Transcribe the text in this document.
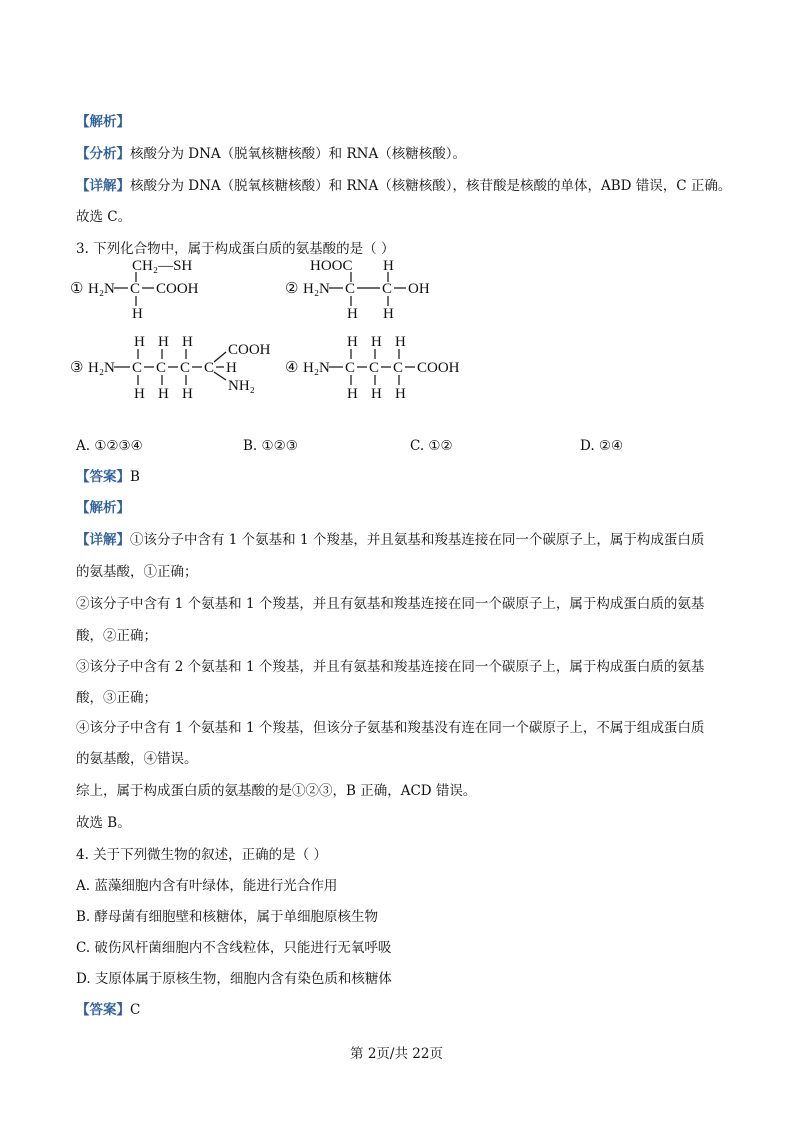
【解析】
【分析】核酸分为 DNA（脱氧核糖核酸）和 RNA（核糖核酸）。
【详解】核酸分为 DNA（脱氧核糖核酸）和 RNA（核糖核酸），核苷酸是核酸的单体，ABD 错误，C 正确。
故选 C。
3. 下列化合物中，属于构成蛋白质的氨基酸的是（ ）
① H₂N C COOH
CH₂—SH
H
② H₂N C C OH
HOOC H
H H
③ H₂N C C C C H
H H H
H H H
COOH
NH₂
④ H₂N C C C COOH
H H H
H H H
A. ①②③④	B. ①②③	C. ①②	D. ②④
【答案】B
【解析】
【详解】①该分子中含有 1 个氨基和 1 个羧基，并且氨基和羧基连接在同一个碳原子上，属于构成蛋白质
的氨基酸，①正确；
②该分子中含有 1 个氨基和 1 个羧基，并且有氨基和羧基连接在同一个碳原子上，属于构成蛋白质的氨基
酸，②正确；
③该分子中含有 2 个氨基和 1 个羧基，并且有氨基和羧基连接在同一个碳原子上，属于构成蛋白质的氨基
酸，③正确；
④该分子中含有 1 个氨基和 1 个羧基，但该分子氨基和羧基没有连在同一个碳原子上，不属于组成蛋白质
的氨基酸，④错误。
综上，属于构成蛋白质的氨基酸的是①②③，B 正确，ACD 错误。
故选 B。
4. 关于下列微生物的叙述，正确的是（ ）
A. 蓝藻细胞内含有叶绿体，能进行光合作用
B. 酵母菌有细胞壁和核糖体，属于单细胞原核生物
C. 破伤风杆菌细胞内不含线粒体，只能进行无氧呼吸
D. 支原体属于原核生物，细胞内含有染色质和核糖体
【答案】C
第 2页/共 22页
